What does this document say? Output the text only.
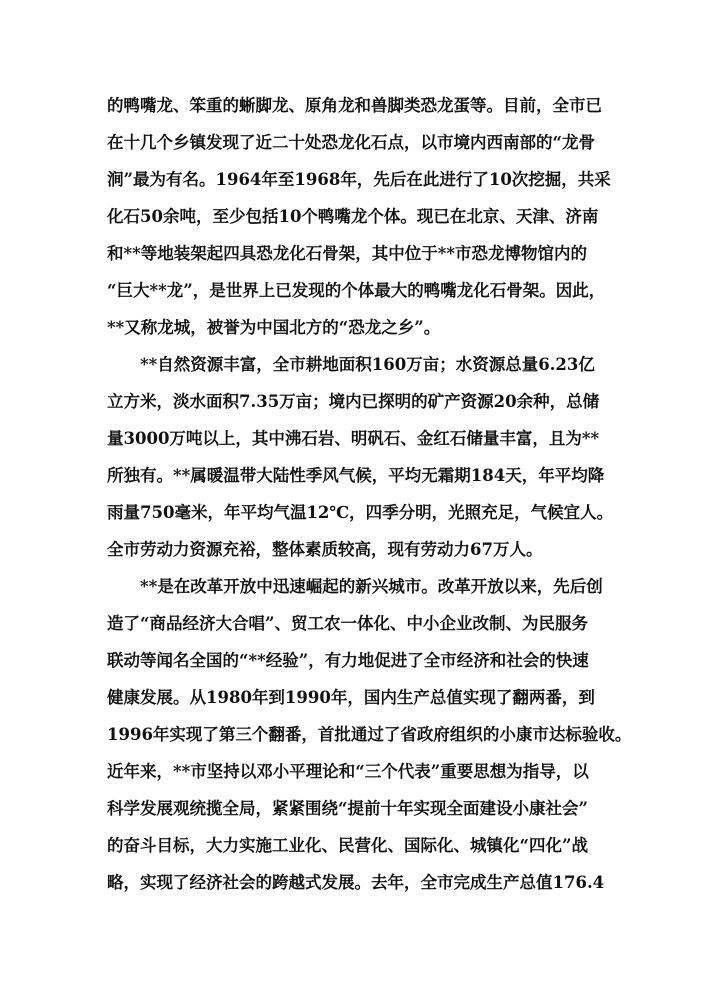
的鸭嘴龙、笨重的蜥脚龙、原角龙和兽脚类恐龙蛋等。目前，全市已
在十几个乡镇发现了近二十处恐龙化石点，以市境内西南部的“龙骨
涧”最为有名。1964年至1968年，先后在此进行了10次挖掘，共采
化石50余吨，至少包括10个鸭嘴龙个体。现已在北京、天津、济南
和**等地装架起四具恐龙化石骨架，其中位于**市恐龙博物馆内的
“巨大**龙”，是世界上已发现的个体最大的鸭嘴龙化石骨架。因此，
**又称龙城，被誉为中国北方的“恐龙之乡”。
**自然资源丰富，全市耕地面积160万亩；水资源总量6.23亿
立方米，淡水面积7.35万亩；境内已探明的矿产资源20余种，总储
量3000万吨以上，其中沸石岩、明矾石、金红石储量丰富，且为**
所独有。**属暖温带大陆性季风气候，平均无霜期184天，年平均降
雨量750毫米，年平均气温12℃，四季分明，光照充足，气候宜人。
全市劳动力资源充裕，整体素质较高，现有劳动力67万人。
**是在改革开放中迅速崛起的新兴城市。改革开放以来，先后创
造了“商品经济大合唱”、贸工农一体化、中小企业改制、为民服务
联动等闻名全国的“**经验”，有力地促进了全市经济和社会的快速
健康发展。从1980年到1990年，国内生产总值实现了翻两番，到
1996年实现了第三个翻番，首批通过了省政府组织的小康市达标验收。
近年来，**市坚持以邓小平理论和“三个代表”重要思想为指导，以
科学发展观统揽全局，紧紧围绕“提前十年实现全面建设小康社会”
的奋斗目标，大力实施工业化、民营化、国际化、城镇化“四化”战
略，实现了经济社会的跨越式发展。去年，全市完成生产总值176.4
